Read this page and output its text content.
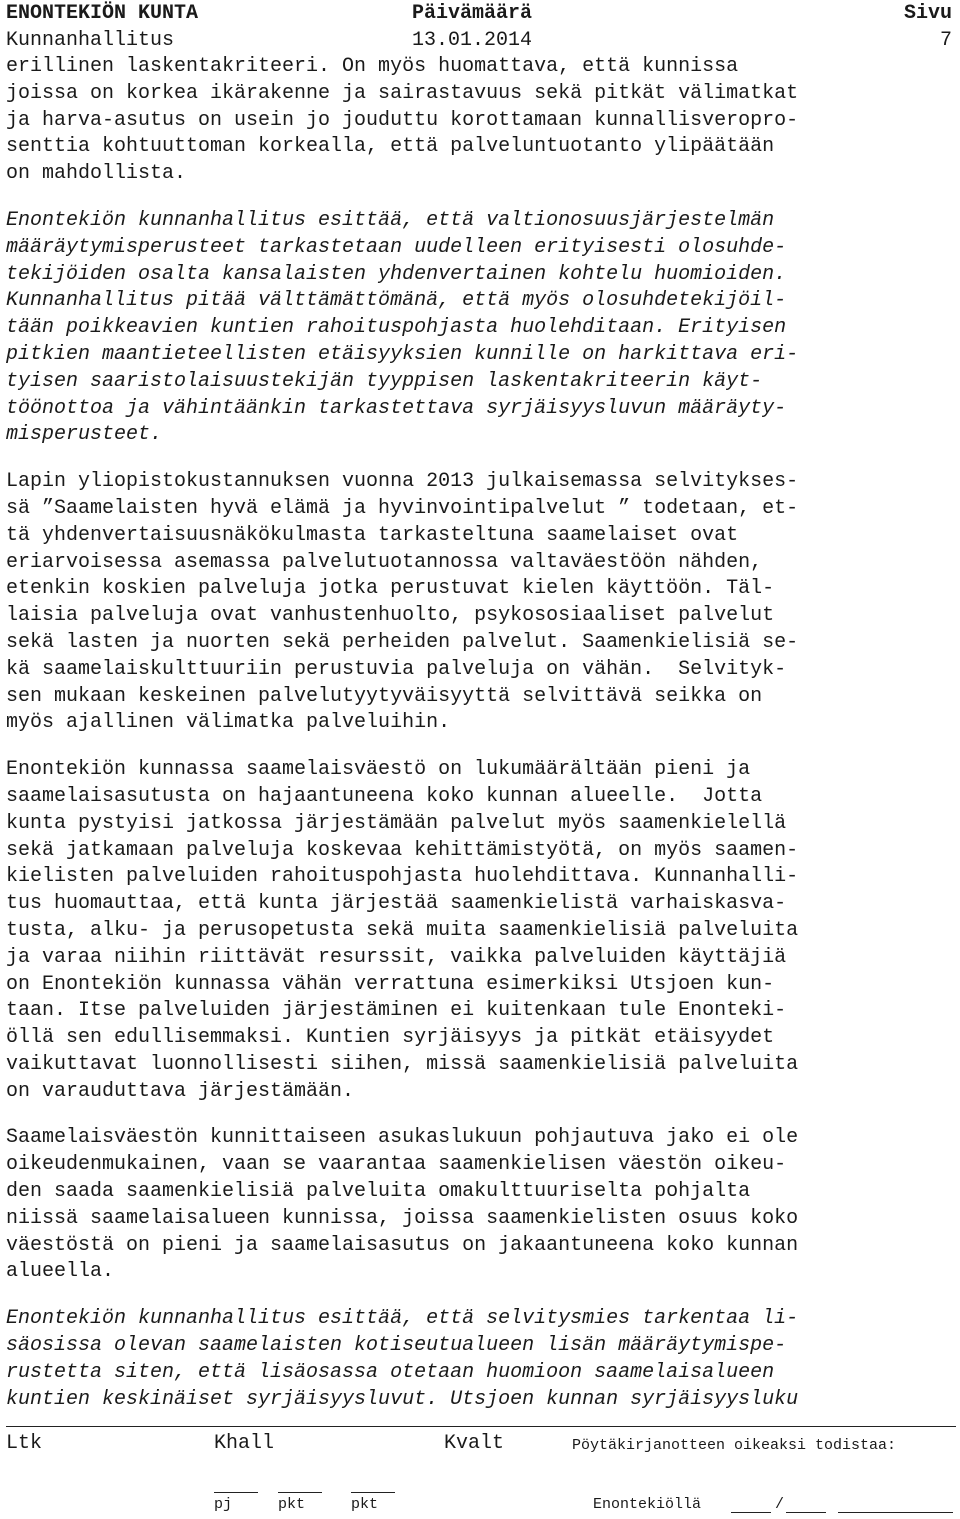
ENONTEKIÖN KUNTA	Päivämäärä	Sivu
Kunnanhallitus	13.01.2014	7
erillinen laskentakriteeri. On myös huomattava, että kunnissa
joissa on korkea ikärakenne ja sairastavuus sekä pitkät välimatkat
ja harva-asutus on usein jo jouduttu korottamaan kunnallisveropro-
senttia kohtuuttoman korkealla, että palveluntuotanto ylipäätään
on mahdollista.
Enontekiön kunnanhallitus esittää, että valtionosuusjärjestelmän
määräytymisperusteet tarkastetaan uudelleen erityisesti olosuhde-
tekijöiden osalta kansalaisten yhdenvertainen kohtelu huomioiden.
Kunnanhallitus pitää välttämättömänä, että myös olosuhdetekijöil-
tään poikkeavien kuntien rahoituspohjasta huolehditaan. Erityisen
pitkien maantieteellisten etäisyyksien kunnille on harkittava eri-
tyisen saaristolaisuustekijän tyyppisen laskentakriteerin käyt-
töönottoa ja vähintäänkin tarkastettava syrjäisyysluvun määräyty-
misperusteet.
Lapin yliopistokustannuksen vuonna 2013 julkaisemassa selvitykses-
sä ”Saamelaisten hyvä elämä ja hyvinvointipalvelut ” todetaan, et-
tä yhdenvertaisuusnäkökulmasta tarkasteltuna saamelaiset ovat
eriarvoisessa asemassa palvelutuotannossa valtaväestöön nähden,
etenkin koskien palveluja jotka perustuvat kielen käyttöön. Täl-
laisia palveluja ovat vanhustenhuolto, psykososiaaliset palvelut
sekä lasten ja nuorten sekä perheiden palvelut. Saamenkielisiä se-
kä saamelaiskulttuuriin perustuvia palveluja on vähän.  Selvityk-
sen mukaan keskeinen palvelutyytyväisyyttä selvittävä seikka on
myös ajallinen välimatka palveluihin.
Enontekiön kunnassa saamelaisväestö on lukumäärältään pieni ja
saamelaisasutusta on hajaantuneena koko kunnan alueelle.  Jotta
kunta pystyisi jatkossa järjestämään palvelut myös saamenkielellä
sekä jatkamaan palveluja koskevaa kehittämistyötä, on myös saamen-
kielisten palveluiden rahoituspohjasta huolehdittava. Kunnanhalli-
tus huomauttaa, että kunta järjestää saamenkielistä varhaiskasva-
tusta, alku- ja perusopetusta sekä muita saamenkielisiä palveluita
ja varaa niihin riittävät resurssit, vaikka palveluiden käyttäjiä
on Enontekiön kunnassa vähän verrattuna esimerkiksi Utsjoen kun-
taan. Itse palveluiden järjestäminen ei kuitenkaan tule Enonteki-
öllä sen edullisemmaksi. Kuntien syrjäisyys ja pitkät etäisyydet
vaikuttavat luonnollisesti siihen, missä saamenkielisiä palveluita
on varauduttava järjestämään.
Saamelaisväestön kunnittaiseen asukaslukuun pohjautuva jako ei ole
oikeudenmukainen, vaan se vaarantaa saamenkielisen väestön oikeu-
den saada saamenkielisiä palveluita omakulttuuriselta pohjalta
niissä saamelaisalueen kunnissa, joissa saamenkielisten osuus koko
väestöstä on pieni ja saamelaisasutus on jakaantuneena koko kunnan
alueella.
Enontekiön kunnanhallitus esittää, että selvitysmies tarkentaa li-
säosissa olevan saamelaisten kotiseutualueen lisän määräytymispe-
rustetta siten, että lisäosassa otetaan huomioon saamelaisalueen
kuntien keskinäiset syrjäisyysluvut. Utsjoen kunnan syrjäisyysluku
Ltk	Khall	Kvalt	Pöytäkirjanotteen oikeaksi todistaa:
pj	pkt	pkt	Enontekiöllä	/
